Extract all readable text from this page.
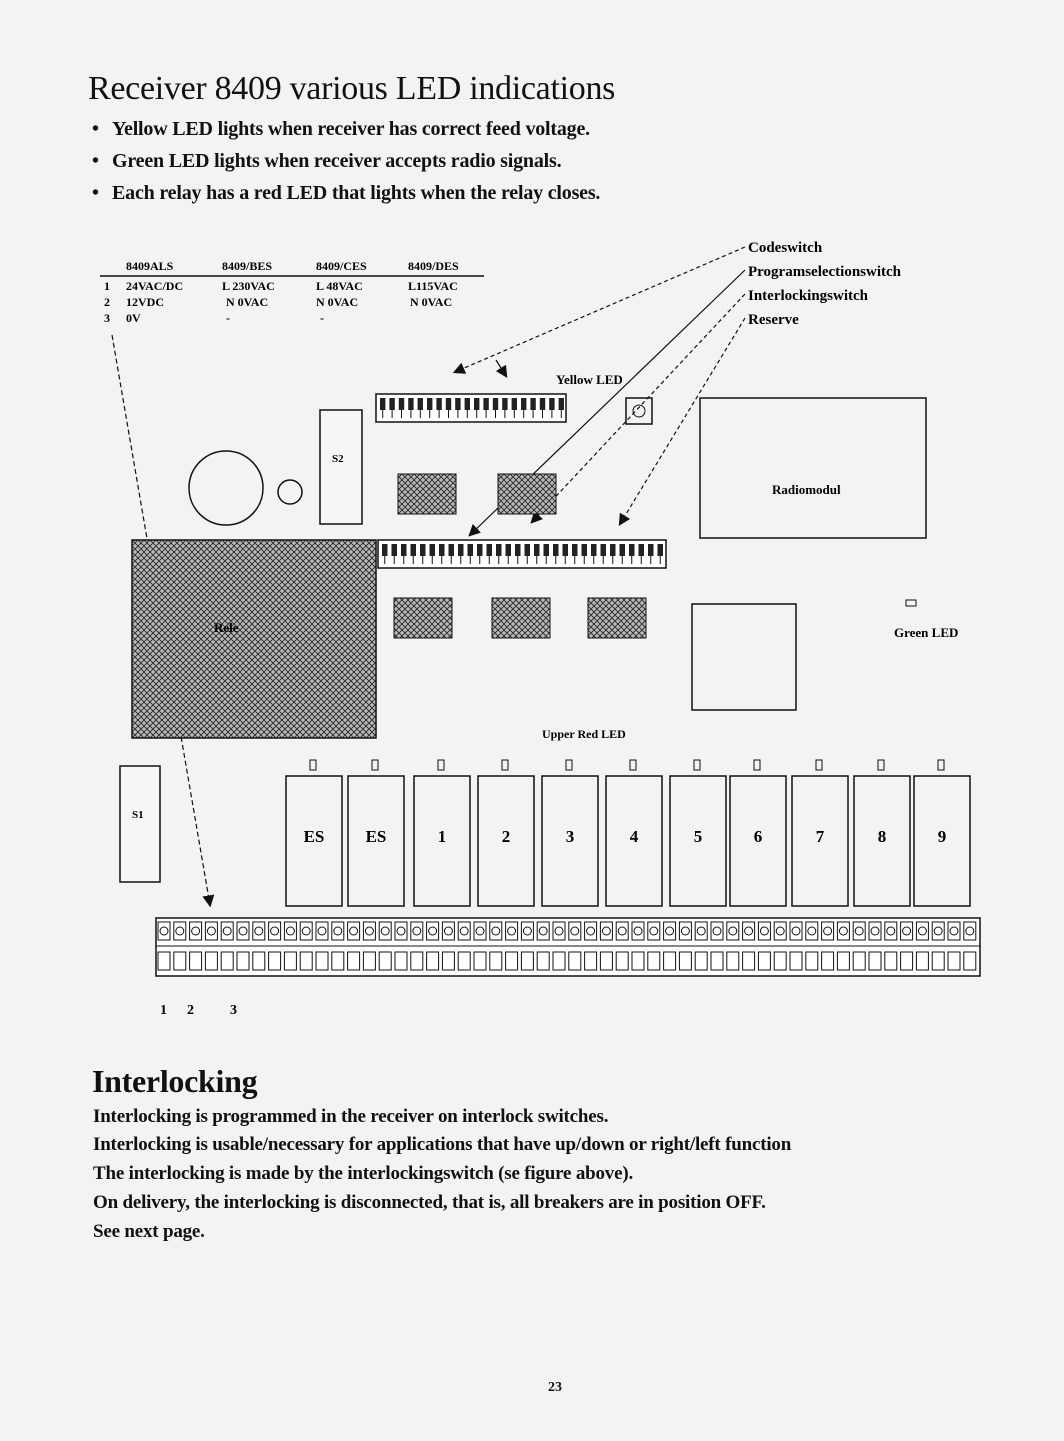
Receiver 8409 various LED indications
• Yellow LED lights when receiver has correct feed voltage.
• Green LED lights when receiver accepts radio signals.
• Each relay has a red LED that lights when the relay closes.
8409ALS	8409/BES	8409/CES	8409/DES
1 24VAC/DC	L 230VAC	L 48VAC	L115VAC
2 12VDC	N 0VAC	N 0VAC	N 0VAC
3 0V	-	-
Codeswitch
Programselectionswitch
Interlockingswitch
Reserve
Yellow LED
S2
Radiomodul
Rele	Green LED
Upper Red LED
S1
ES ES	1	2	3	4	5	6	7	8	9
1 2	3
Interlocking
Interlocking is programmed in the receiver on interlock switches.
Interlocking is usable/necessary for applications that have up/down or right/left function
The interlocking is made by the interlockingswitch (se figure above).
On delivery, the interlocking is disconnected, that is, all breakers are in position OFF.
See next page.
23
